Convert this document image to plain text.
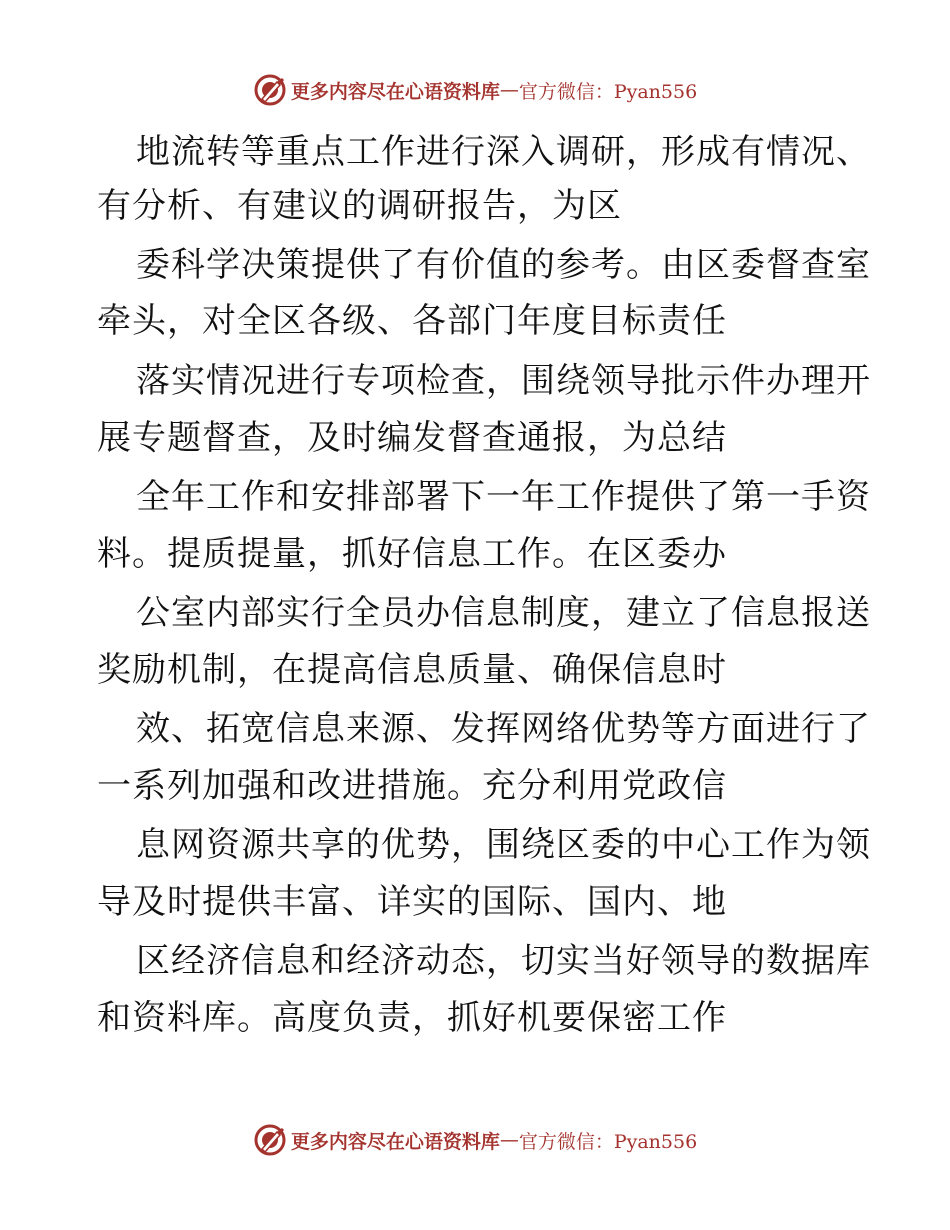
更多内容尽在心语资料库 — 官方微信：Pyan556
地流转等重点工作进行深入调研，形成有情况、
有分析、有建议的调研报告，为区
委科学决策提供了有价值的参考。由区委督查室
牵头，对全区各级、各部门年度目标责任
落实情况进行专项检查，围绕领导批示件办理开
展专题督查，及时编发督查通报，为总结
全年工作和安排部署下一年工作提供了第一手资
料。提质提量，抓好信息工作。在区委办
公室内部实行全员办信息制度，建立了信息报送
奖励机制，在提高信息质量、确保信息时
效、拓宽信息来源、发挥网络优势等方面进行了
一系列加强和改进措施。充分利用党政信
息网资源共享的优势，围绕区委的中心工作为领
导及时提供丰富、详实的国际、国内、地
区经济信息和经济动态，切实当好领导的数据库
和资料库。高度负责，抓好机要保密工作
更多内容尽在心语资料库 — 官方微信：Pyan556
